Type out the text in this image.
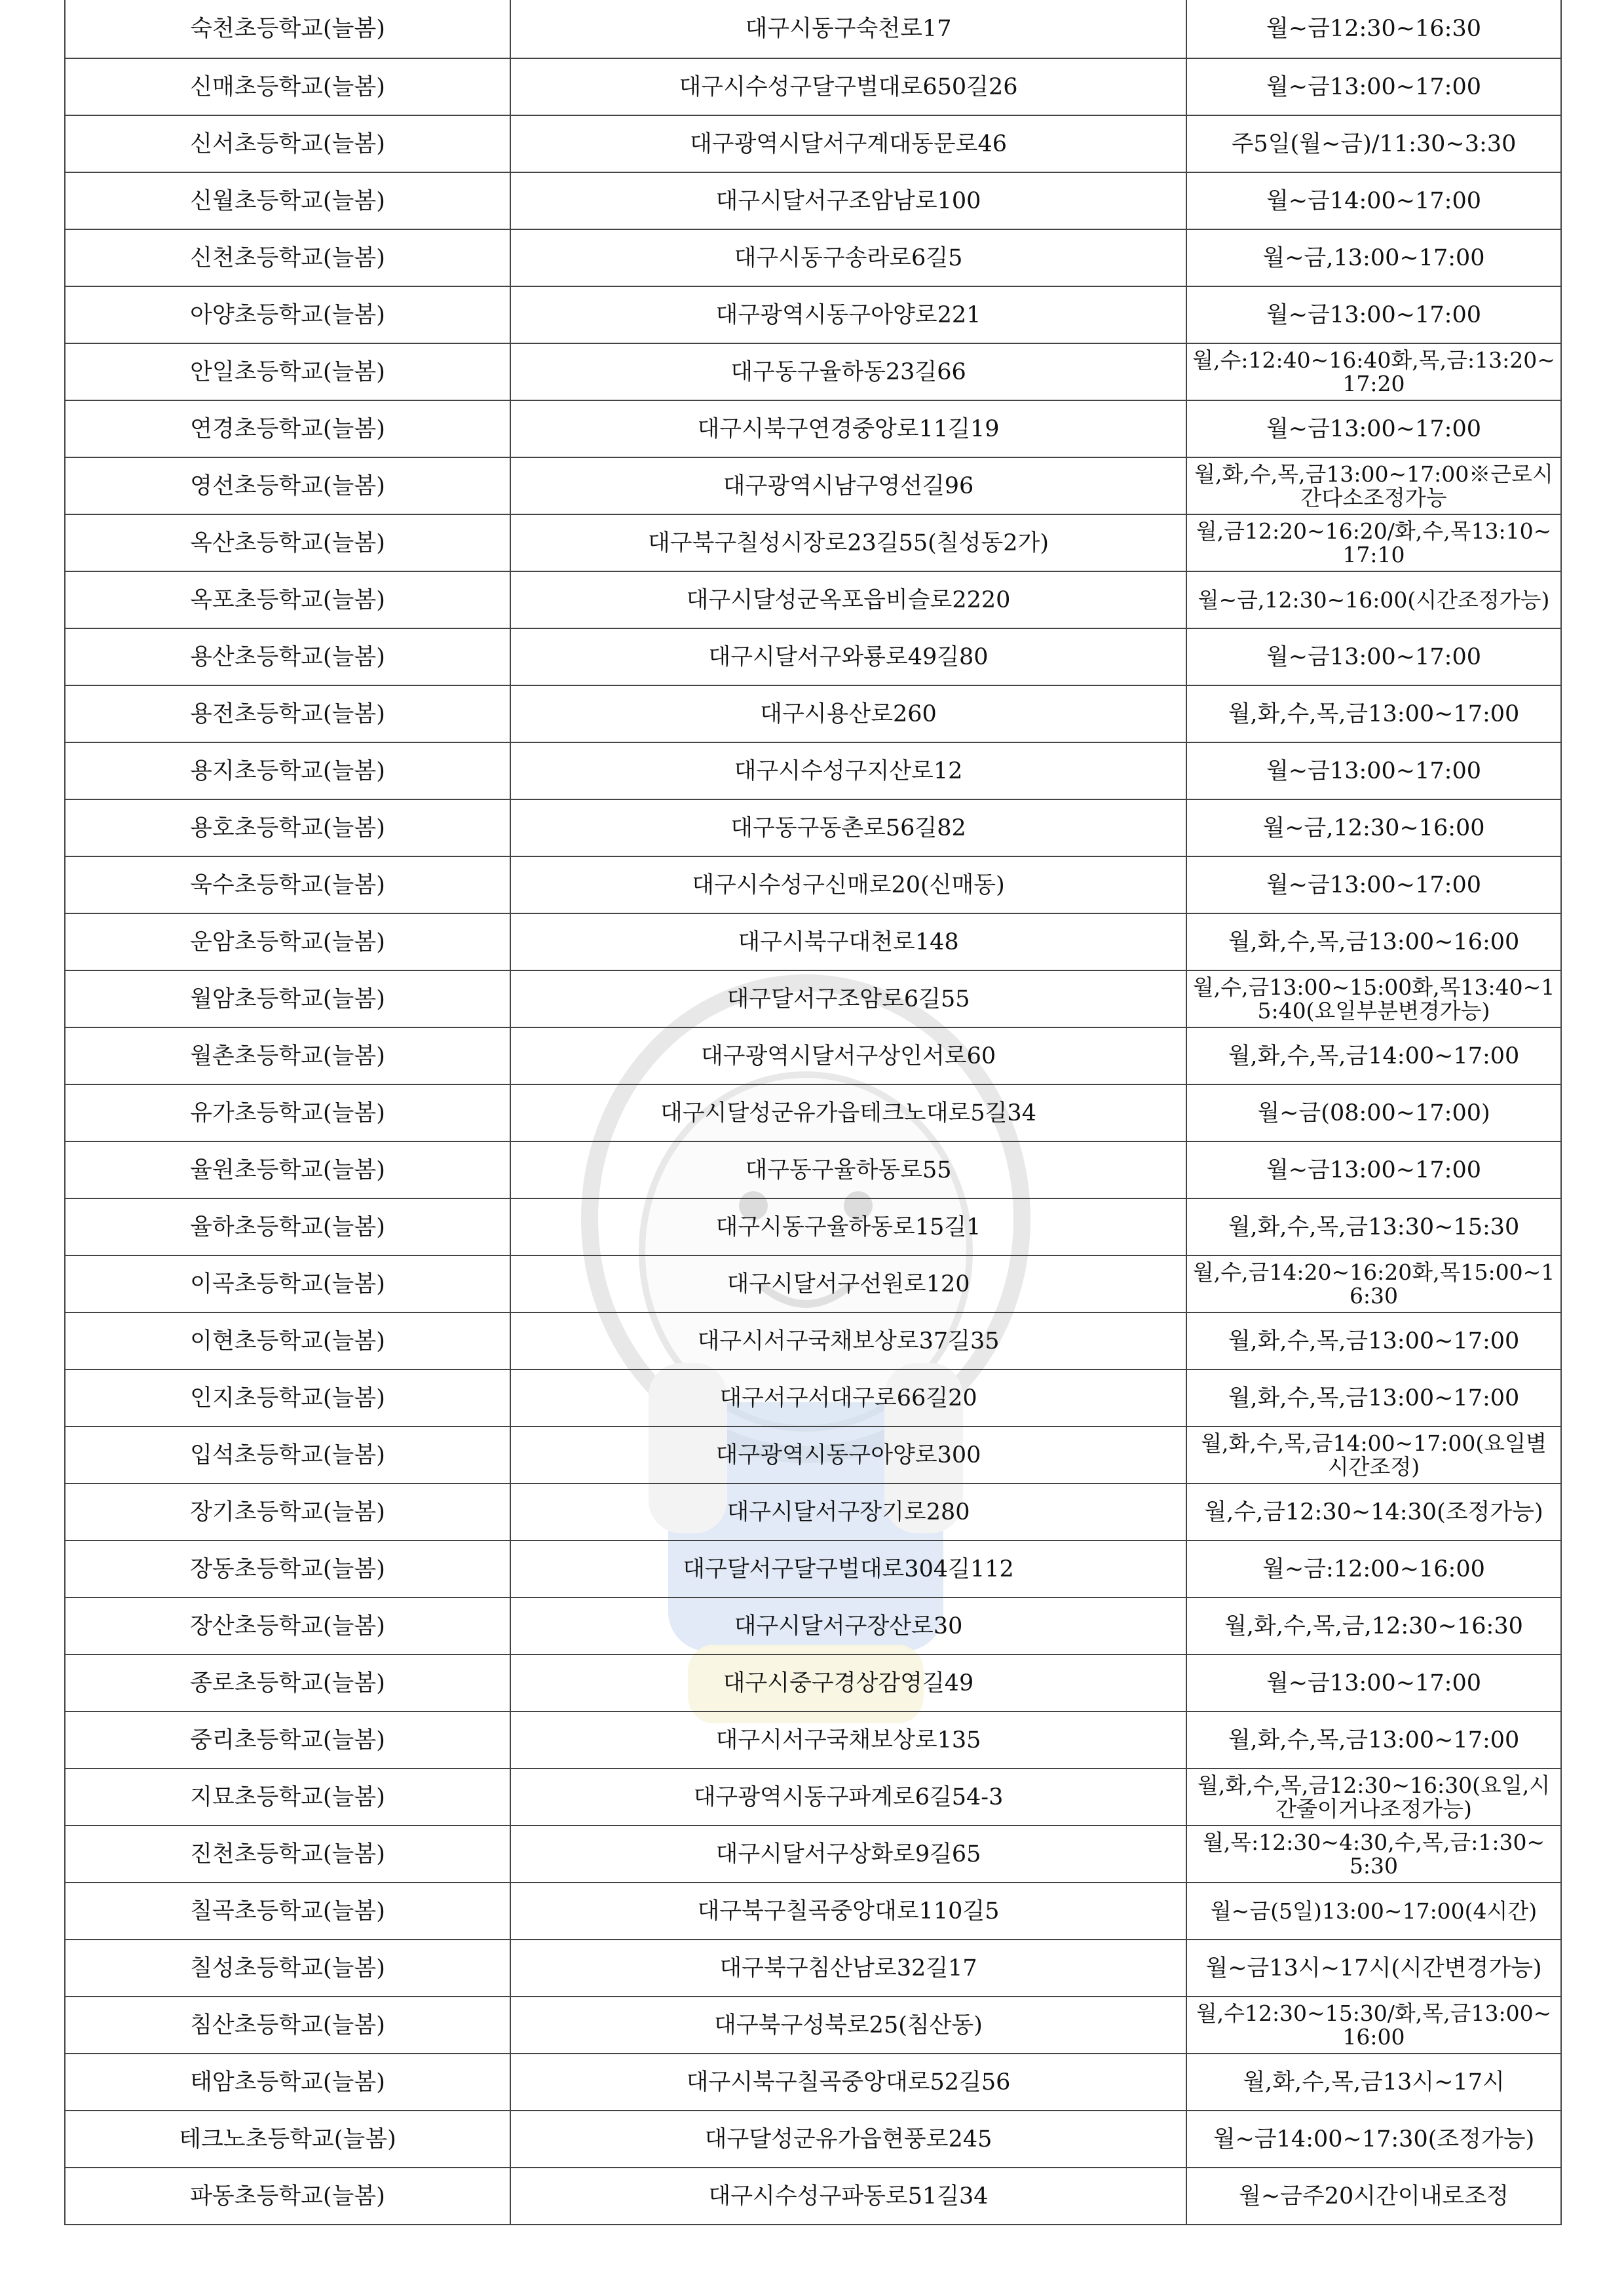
숙천초등학교(늘봄)	대구시동구숙천로17	월~금12:30~16:30
신매초등학교(늘봄)	대구시수성구달구벌대로650길26	월~금13:00~17:00
신서초등학교(늘봄)	대구광역시달서구계대동문로46	주5일(월~금)/11:30~3:30
신월초등학교(늘봄)	대구시달서구조암남로100	월~금14:00~17:00
신천초등학교(늘봄)	대구시동구송라로6길5	월~금,13:00~17:00
아양초등학교(늘봄)	대구광역시동구아양로221	월~금13:00~17:00
안일초등학교(늘봄)	대구동구율하동23길66	월,수:12:40~16:40화,목,금:13:20~17:20
연경초등학교(늘봄)	대구시북구연경중앙로11길19	월~금13:00~17:00
영선초등학교(늘봄)	대구광역시남구영선길96	월,화,수,목,금13:00~17:00※근로시간다소조정가능
옥산초등학교(늘봄)	대구북구칠성시장로23길55(칠성동2가)	월,금12:20~16:20/화,수,목13:10~17:10
옥포초등학교(늘봄)	대구시달성군옥포읍비슬로2220	월~금,12:30~16:00(시간조정가능)
용산초등학교(늘봄)	대구시달서구와룡로49길80	월~금13:00~17:00
용전초등학교(늘봄)	대구시용산로260	월,화,수,목,금13:00~17:00
용지초등학교(늘봄)	대구시수성구지산로12	월~금13:00~17:00
용호초등학교(늘봄)	대구동구동촌로56길82	월~금,12:30~16:00
욱수초등학교(늘봄)	대구시수성구신매로20(신매동)	월~금13:00~17:00
운암초등학교(늘봄)	대구시북구대천로148	월,화,수,목,금13:00~16:00
월암초등학교(늘봄)	대구달서구조암로6길55	월,수,금13:00~15:00화,목13:40~15:40(요일부분변경가능)
월촌초등학교(늘봄)	대구광역시달서구상인서로60	월,화,수,목,금14:00~17:00
유가초등학교(늘봄)	대구시달성군유가읍테크노대로5길34	월~금(08:00~17:00)
율원초등학교(늘봄)	대구동구율하동로55	월~금13:00~17:00
율하초등학교(늘봄)	대구시동구율하동로15길1	월,화,수,목,금13:30~15:30
이곡초등학교(늘봄)	대구시달서구선원로120	월,수,금14:20~16:20화,목15:00~16:30
이현초등학교(늘봄)	대구시서구국채보상로37길35	월,화,수,목,금13:00~17:00
인지초등학교(늘봄)	대구서구서대구로66길20	월,화,수,목,금13:00~17:00
입석초등학교(늘봄)	대구광역시동구아양로300	월,화,수,목,금14:00~17:00(요일별시간조정)
장기초등학교(늘봄)	대구시달서구장기로280	월,수,금12:30~14:30(조정가능)
장동초등학교(늘봄)	대구달서구달구벌대로304길112	월~금:12:00~16:00
장산초등학교(늘봄)	대구시달서구장산로30	월,화,수,목,금,12:30~16:30
종로초등학교(늘봄)	대구시중구경상감영길49	월~금13:00~17:00
중리초등학교(늘봄)	대구시서구국채보상로135	월,화,수,목,금13:00~17:00
지묘초등학교(늘봄)	대구광역시동구파계로6길54-3	월,화,수,목,금12:30~16:30(요일,시간줄이거나조정가능)
진천초등학교(늘봄)	대구시달서구상화로9길65	월,목:12:30~4:30,수,목,금:1:30~5:30
칠곡초등학교(늘봄)	대구북구칠곡중앙대로110길5	월~금(5일)13:00~17:00(4시간)
칠성초등학교(늘봄)	대구북구침산남로32길17	월~금13시~17시(시간변경가능)
침산초등학교(늘봄)	대구북구성북로25(침산동)	월,수12:30~15:30/화,목,금13:00~16:00
태암초등학교(늘봄)	대구시북구칠곡중앙대로52길56	월,화,수,목,금13시~17시
테크노초등학교(늘봄)	대구달성군유가읍현풍로245	월~금14:00~17:30(조정가능)
파동초등학교(늘봄)	대구시수성구파동로51길34	월~금주20시간이내로조정
